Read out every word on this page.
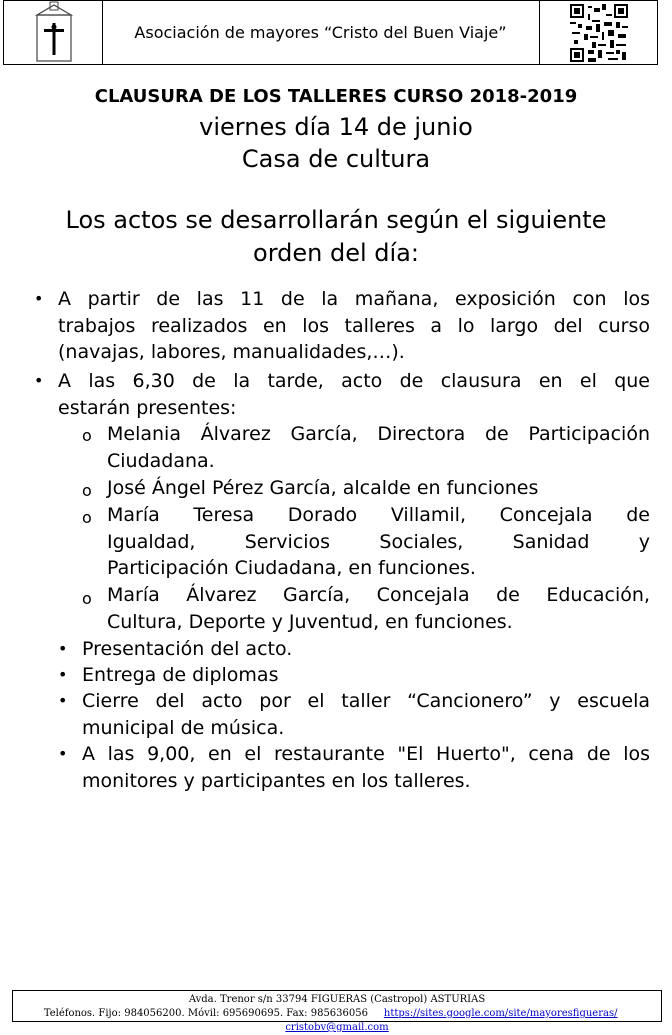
Asociación de mayores “Cristo del Buen Viaje”
CLAUSURA DE LOS TALLERES CURSO 2018-2019
viernes día 14 de junio
Casa de cultura
Los actos se desarrollarán según el siguiente
orden del día:
• A partir de las 11 de la mañana, exposición con los
trabajos realizados en los talleres a lo largo del curso
(navajas, labores, manualidades,…).
• A las 6,30 de la tarde, acto de clausura en el que
estarán presentes:
o Melania Álvarez García, Directora de Participación
Ciudadana.
o José Ángel Pérez García, alcalde en funciones
o María Teresa Dorado Villamil, Concejala de
Igualdad, Servicios Sociales, Sanidad y
Participación Ciudadana, en funciones.
o María Álvarez García, Concejala de Educación,
Cultura, Deporte y Juventud, en funciones.
• Presentación del acto.
• Entrega de diplomas
• Cierre del acto por el taller “Cancionero” y escuela
municipal de música.
• A las 9,00, en el restaurante "El Huerto", cena de los
monitores y participantes en los talleres.
Avda. Trenor s/n 33794 FIGUERAS (Castropol) ASTURIAS
Teléfonos. Fijo: 984056200. Móvil: 695690695. Fax: 985636056 https://sites.google.com/site/mayoresfigueras/     cristobv@gmail.com
